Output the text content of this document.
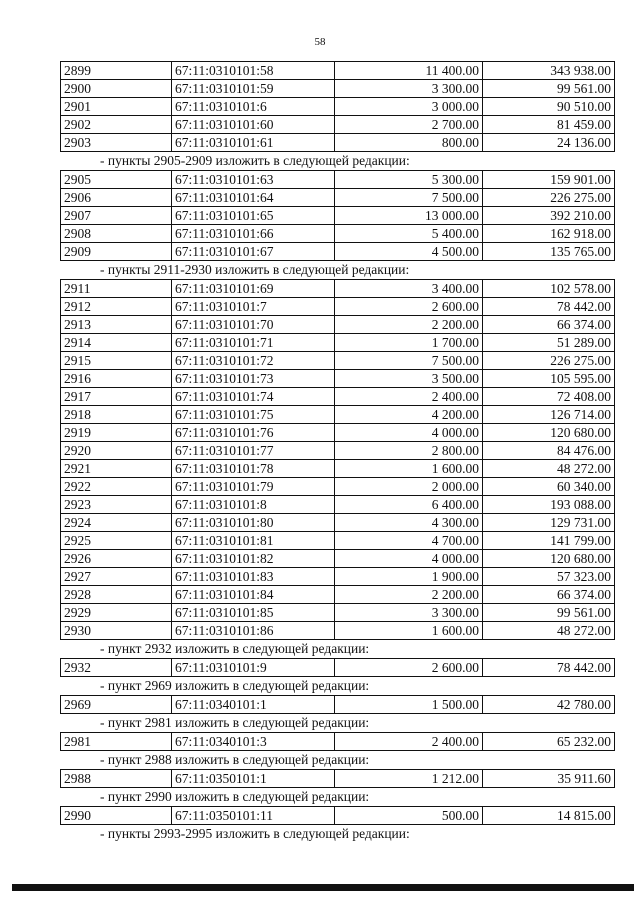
58
2899	67:11:0310101:58	11 400.00	343 938.00
2900	67:11:0310101:59	3 300.00	99 561.00
2901	67:11:0310101:6	3 000.00	90 510.00
2902	67:11:0310101:60	2 700.00	81 459.00
2903	67:11:0310101:61	800.00	24 136.00
- пункты 2905-2909 изложить в следующей редакции:
2905	67:11:0310101:63	5 300.00	159 901.00
2906	67:11:0310101:64	7 500.00	226 275.00
2907	67:11:0310101:65	13 000.00	392 210.00
2908	67:11:0310101:66	5 400.00	162 918.00
2909	67:11:0310101:67	4 500.00	135 765.00
- пункты 2911-2930 изложить в следующей редакции:
2911	67:11:0310101:69	3 400.00	102 578.00
2912	67:11:0310101:7	2 600.00	78 442.00
2913	67:11:0310101:70	2 200.00	66 374.00
2914	67:11:0310101:71	1 700.00	51 289.00
2915	67:11:0310101:72	7 500.00	226 275.00
2916	67:11:0310101:73	3 500.00	105 595.00
2917	67:11:0310101:74	2 400.00	72 408.00
2918	67:11:0310101:75	4 200.00	126 714.00
2919	67:11:0310101:76	4 000.00	120 680.00
2920	67:11:0310101:77	2 800.00	84 476.00
2921	67:11:0310101:78	1 600.00	48 272.00
2922	67:11:0310101:79	2 000.00	60 340.00
2923	67:11:0310101:8	6 400.00	193 088.00
2924	67:11:0310101:80	4 300.00	129 731.00
2925	67:11:0310101:81	4 700.00	141 799.00
2926	67:11:0310101:82	4 000.00	120 680.00
2927	67:11:0310101:83	1 900.00	57 323.00
2928	67:11:0310101:84	2 200.00	66 374.00
2929	67:11:0310101:85	3 300.00	99 561.00
2930	67:11:0310101:86	1 600.00	48 272.00
- пункт 2932 изложить в следующей редакции:
2932	67:11:0310101:9	2 600.00	78 442.00
- пункт 2969 изложить в следующей редакции:
2969	67:11:0340101:1	1 500.00	42 780.00
- пункт 2981 изложить в следующей редакции:
2981	67:11:0340101:3	2 400.00	65 232.00
- пункт 2988 изложить в следующей редакции:
2988	67:11:0350101:1	1 212.00	35 911.60
- пункт 2990 изложить в следующей редакции:
2990	67:11:0350101:11	500.00	14 815.00
- пункты 2993-2995 изложить в следующей редакции:
